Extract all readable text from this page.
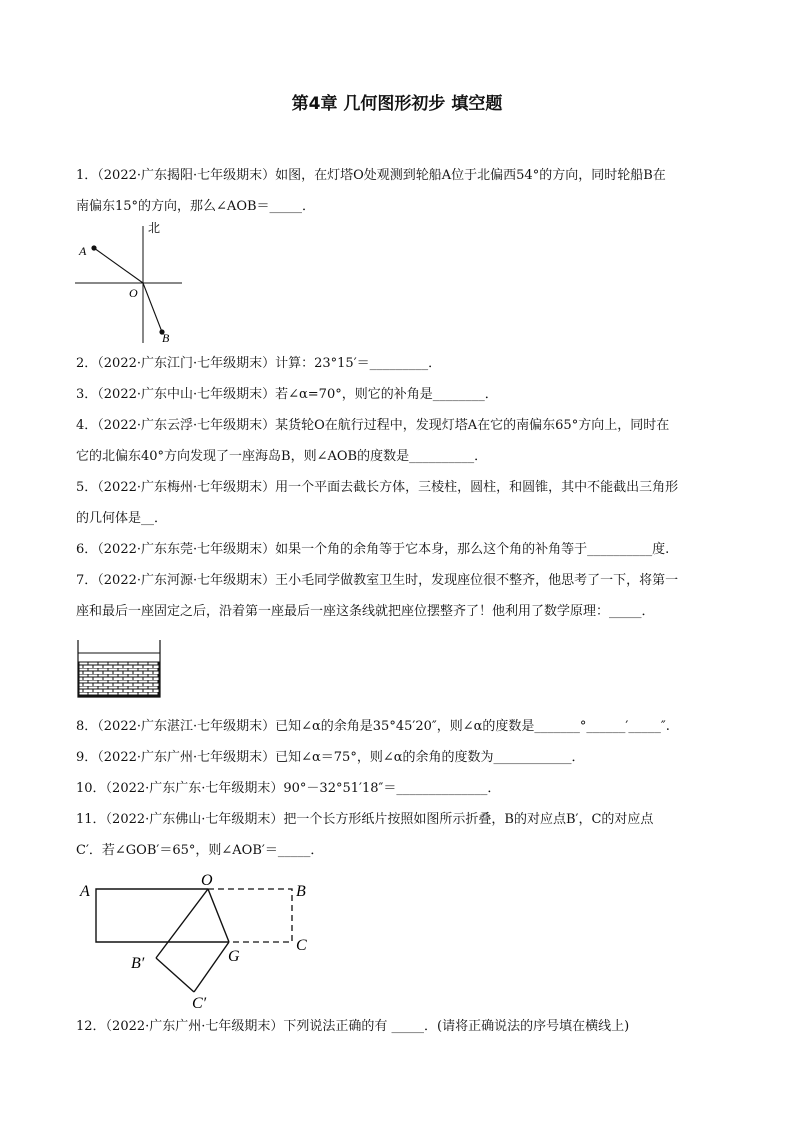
第4章 几何图形初步 填空题
1．（2022·广东揭阳·七年级期末）如图，在灯塔O处观测到轮船A位于北偏西54°的方向，同时轮船B在
南偏东15°的方向，那么∠AOB＝_____．
北
A
O
B
2．（2022·广东江门·七年级期末）计算：23°15′＝_________．
3．（2022·广东中山·七年级期末）若∠α=70°，则它的补角是________．
4．（2022·广东云浮·七年级期末）某货轮O在航行过程中，发现灯塔A在它的南偏东65°方向上，同时在
它的北偏东40°方向发现了一座海岛B，则∠AOB的度数是__________．
5．（2022·广东梅州·七年级期末）用一个平面去截长方体，三棱柱，圆柱，和圆锥，其中不能截出三角形
的几何体是__．
6．（2022·广东东莞·七年级期末）如果一个角的余角等于它本身，那么这个角的补角等于__________度.
7．（2022·广东河源·七年级期末）王小毛同学做教室卫生时，发现座位很不整齐，他思考了一下，将第一
座和最后一座固定之后，沿着第一座最后一座这条线就把座位摆整齐了！他利用了数学原理：_____．
8．（2022·广东湛江·七年级期末）已知∠α的余角是35°45′20″，则∠α的度数是_______°______′_____″.
9．（2022·广东广州·七年级期末）已知∠α＝75°，则∠α的余角的度数为____________．
10．（2022·广东广东·七年级期末）90°－32°51′18″＝______________．
11．（2022·广东佛山·七年级期末）把一个长方形纸片按照如图所示折叠，B的对应点B′，C的对应点
C′．若∠GOB′＝65°，则∠AOB′＝_____．
A
O
B
C
B′	G
C′
12．（2022·广东广州·七年级期末）下列说法正确的有 _____．(请将正确说法的序号填在横线上)
